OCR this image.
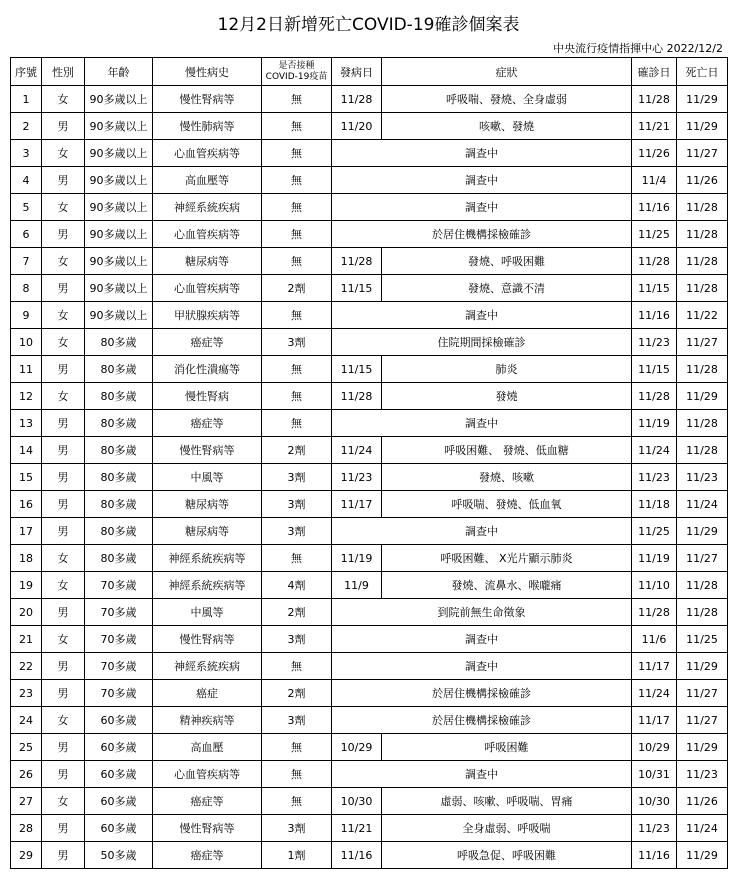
12月2日新增死亡COVID-19確診個案表
中央流行疫情指揮中心 2022/12/2
序號	性別	年齡	慢性病史	是否接種
COVID-19疫苗	發病日	症狀	確診日	死亡日
1	女	90多歲以上	慢性腎病等	無	11/28	呼吸喘、發燒、全身虛弱	11/28	11/29
2	男	90多歲以上	慢性肺病等	無	11/20	咳嗽、發燒	11/21	11/29
3	女	90多歲以上	心血管疾病等	無	調查中		11/26	11/27
4	男	90多歲以上	高血壓等	無	調查中		11/4	11/26
5	女	90多歲以上	神經系統疾病	無	調查中		11/16	11/28
6	男	90多歲以上	心血管疾病等	無	於居住機構採檢確診		11/25	11/28
7	女	90多歲以上	糖尿病等	無	11/28	發燒、呼吸困難	11/28	11/28
8	男	90多歲以上	心血管疾病等	2劑	11/15	發燒、意識不清	11/15	11/28
9	女	90多歲以上	甲狀腺疾病等	無	調查中		11/16	11/22
10	女	80多歲	癌症等	3劑	住院期間採檢確診		11/23	11/27
11	男	80多歲	消化性潰瘍等	無	11/15	肺炎	11/15	11/28
12	女	80多歲	慢性腎病	無	11/28	發燒	11/28	11/29
13	男	80多歲	癌症等	無	調查中		11/19	11/28
14	男	80多歲	慢性腎病等	2劑	11/24	呼吸困難、 發燒、低血糖	11/24	11/28
15	男	80多歲	中風等	3劑	11/23	發燒、咳嗽	11/23	11/23
16	男	80多歲	糖尿病等	3劑	11/17	呼吸喘、發燒、低血氧	11/18	11/24
17	男	80多歲	糖尿病等	3劑	調查中		11/25	11/29
18	女	80多歲	神經系統疾病等	無	11/19	呼吸困難、 X光片顯示肺炎	11/19	11/27
19	女	70多歲	神經系統疾病等	4劑	11/9	發燒、流鼻水、喉嚨痛	11/10	11/28
20	男	70多歲	中風等	2劑	到院前無生命徵象		11/28	11/28
21	女	70多歲	慢性腎病等	3劑	調查中		11/6	11/25
22	男	70多歲	神經系統疾病	無	調查中		11/17	11/29
23	男	70多歲	癌症	2劑	於居住機構採檢確診		11/24	11/27
24	女	60多歲	精神疾病等	3劑	於居住機構採檢確診		11/17	11/27
25	男	60多歲	高血壓	無	10/29	呼吸困難	10/29	11/29
26	男	60多歲	心血管疾病等	無	調查中		10/31	11/23
27	女	60多歲	癌症等	無	10/30	虛弱、咳嗽、呼吸喘、胃痛	10/30	11/26
28	男	60多歲	慢性腎病等	3劑	11/21	全身虛弱、呼吸喘	11/23	11/24
29	男	50多歲	癌症等	1劑	11/16	呼吸急促、呼吸困難	11/16	11/29
